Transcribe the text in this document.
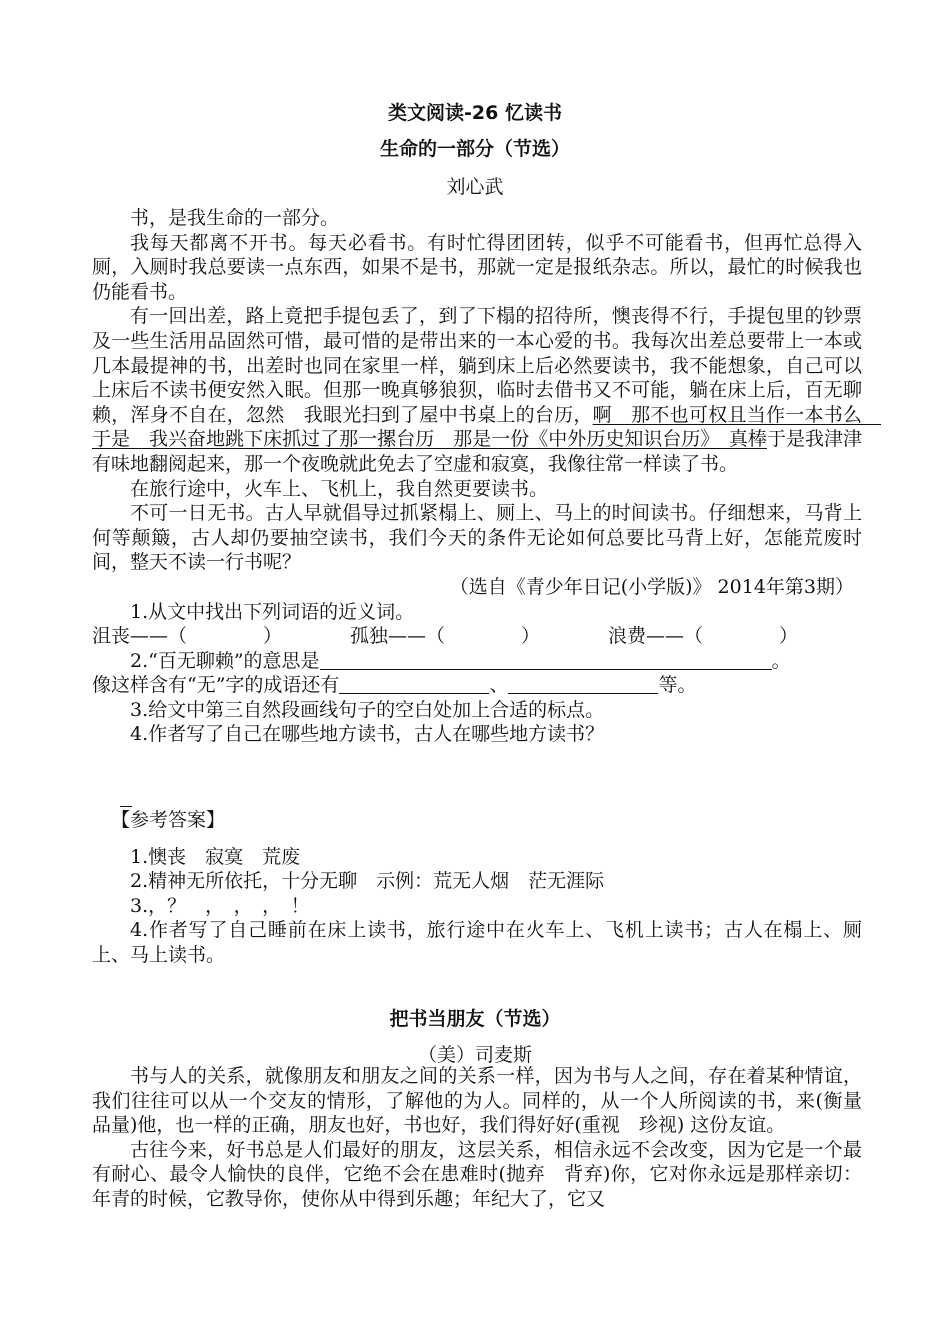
类文阅读-26 忆读书
生命的一部分（节选）
刘心武

书，是我生命的一部分。

我每天都离不开书。每天必看书。有时忙得团团转，似乎不可能看书，但再忙总得入厕，入厕时我总要读一点东西，如果不是书，那就一定是报纸杂志。所以，最忙的时候我也仍能看书。

有一回出差，路上竟把手提包丢了，到了下榻的招待所，懊丧得不行，手提包里的钞票及一些生活用品固然可惜，最可惜的是带出来的一本心爱的书。我每次出差总要带上一本或几本最提神的书，出差时也同在家里一样，躺到床上后必然要读书，我不能想象，自己可以上床后不读书便安然入眠。但那一晚真够狼狈，临时去借书又不可能，躺在床上后，百无聊赖，浑身不自在，忽然　我眼光扫到了屋中书桌上的台历，啊　那不也可权且当作一本书么　于是　我兴奋地跳下床抓过了那一摞台历　那是一份《中外历史知识台历》　真棒于是我津津有味地翻阅起来，那一个夜晚就此免去了空虚和寂寞，我像往常一样读了书。

在旅行途中，火车上、飞机上，我自然更要读书。

不可一日无书。古人早就倡导过抓紧榻上、厕上、马上的时间读书。仔细想来，马背上何等颠簸，古人却仍要抽空读书，我们今天的条件无论如何总要比马背上好，怎能荒废时间，整天不读一行书呢？

（选自《青少年日记(小学版)》 2014年第3期）

1.从文中找出下列词语的近义词。

沮丧——（　　　　）	孤独——（　　　　）	浪费——（　　　　）

2.“百无聊赖”的意思是	。

像这样含有“无”字的成语还有	、	等。

3.给文中第三自然段画线句子的空白处加上合适的标点。

4.作者写了自己在哪些地方读书，古人在哪些地方读书？

【参考答案】

1.懊丧　寂寞　荒废

2.精神无所依托，十分无聊　示例：荒无人烟　茫无涯际

3.，？　，　，　，　！

4.作者写了自己睡前在床上读书，旅行途中在火车上、飞机上读书；古人在榻上、厕上、马上读书。

把书当朋友（节选）
（美）司麦斯

书与人的关系，就像朋友和朋友之间的关系一样，因为书与人之间，存在着某种情谊，我们往往可以从一个交友的情形，了解他的为人。同样的，从一个人所阅读的书，来(衡量 品量)他，也一样的正确，朋友也好，书也好，我们得好好(重视　珍视) 这份友谊。

古往今来，好书总是人们最好的朋友，这层关系，相信永远不会改变，因为它是一个最有耐心、最令人愉快的良伴，它绝不会在患难时(抛弃　背弃)你，它对你永远是那样亲切：年青的时候，它教导你，使你从中得到乐趣；年纪大了，它又
